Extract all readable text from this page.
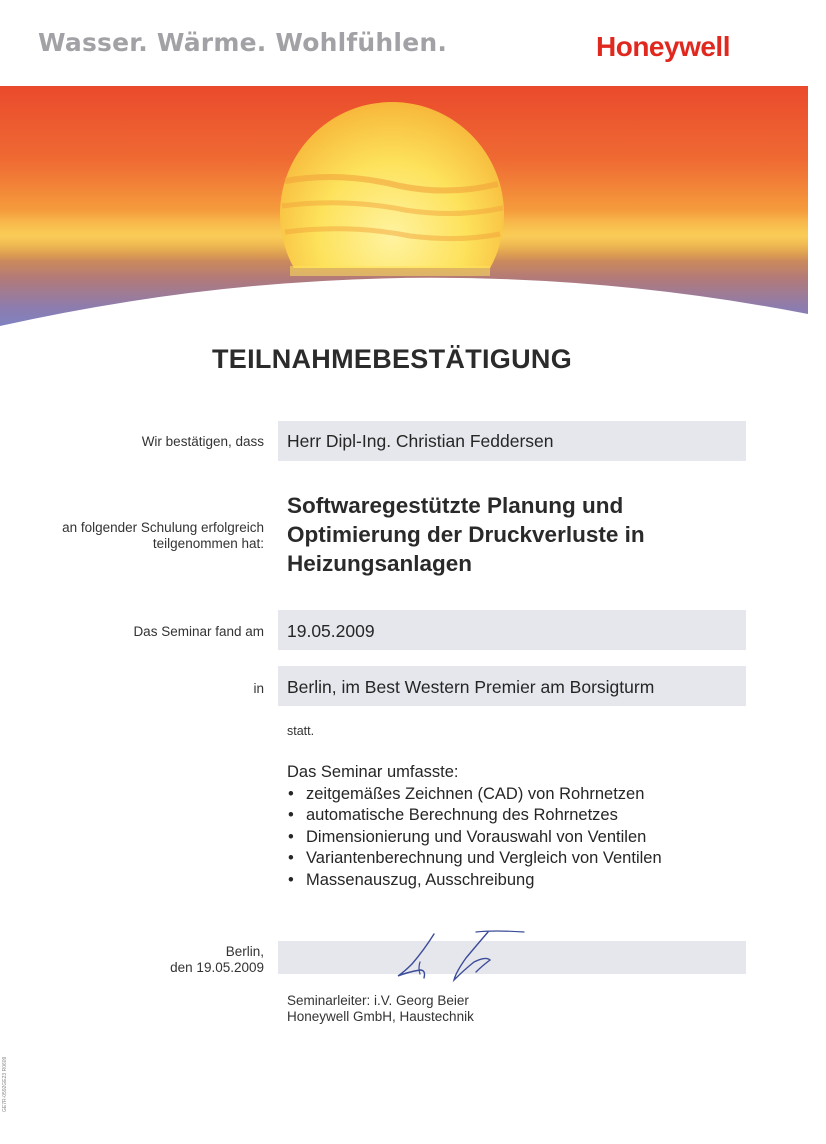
Wasser. Wärme. Wohlfühlen.	Honeywell
TEILNAHMEBESTÄTIGUNG
Wir bestätigen, dass Herr Dipl-Ing. Christian Feddersen
an folgender Schulung erfolgreich
teilgenommen hat:
Softwaregestützte Planung und
Optimierung der Druckverluste in
Heizungsanlagen
Das Seminar fand am 19.05.2009
in Berlin, im Best Western Premier am Borsigturm
statt.
Das Seminar umfasste:
• zeitgemäßes Zeichnen (CAD) von Rohrnetzen
• automatische Berechnung des Rohrnetzes
• Dimensionierung und Vorauswahl von Ventilen
• Variantenberechnung und Vergleich von Ventilen
• Massenauszug, Ausschreibung
Berlin,
den 19.05.2009
Seminarleiter: i.V. Georg Beier
Honeywell GmbH, Haustechnik
GE7R-0592GE23 R0609
